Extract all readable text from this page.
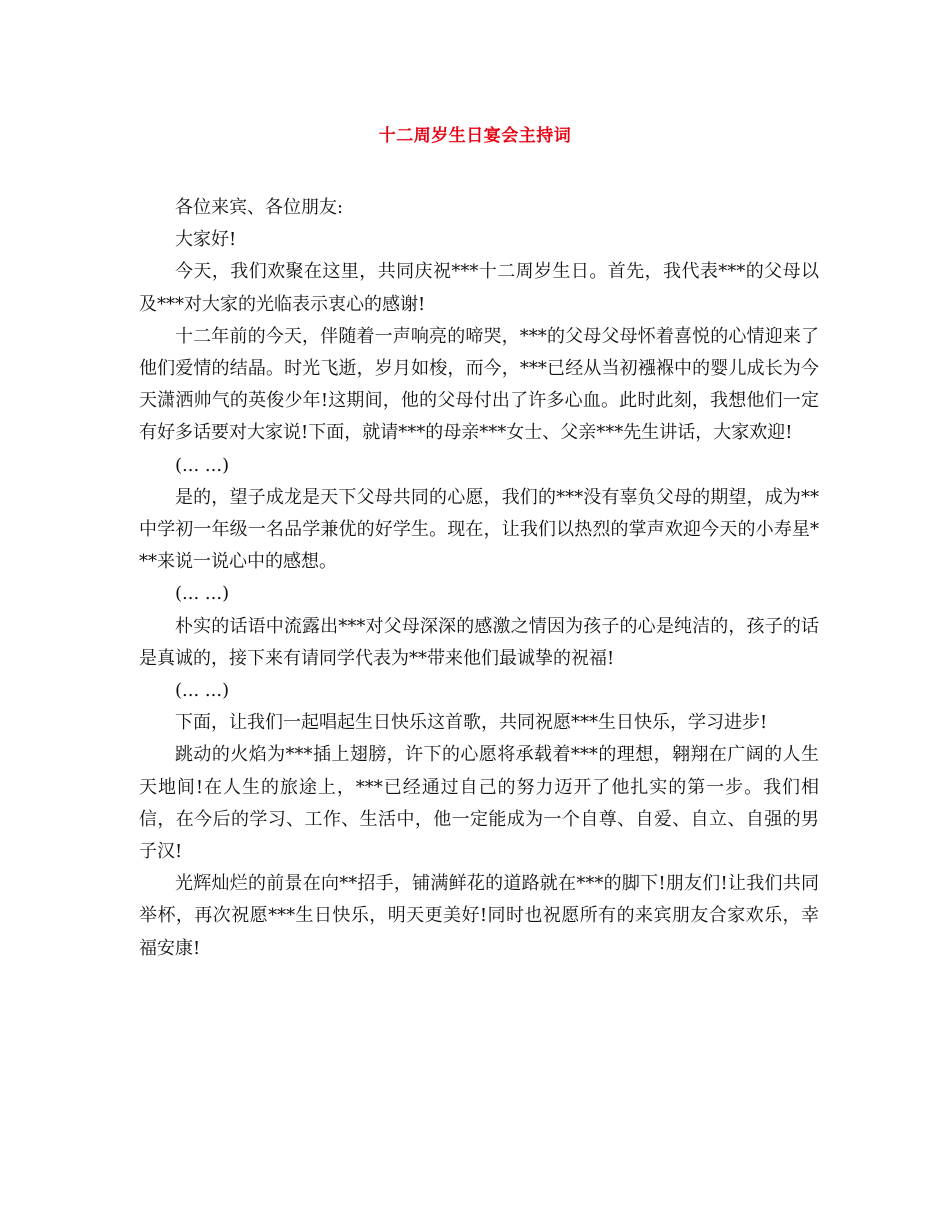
十二周岁生日宴会主持词

各位来宾、各位朋友:

大家好!

今天，我们欢聚在这里，共同庆祝***十二周岁生日。首先，我代表***的父母以及***对大家的光临表示衷心的感谢!

十二年前的今天，伴随着一声响亮的啼哭，***的父母父母怀着喜悦的心情迎来了他们爱情的结晶。时光飞逝，岁月如梭，而今，***已经从当初襁褓中的婴儿成长为今天潇洒帅气的英俊少年!这期间，他的父母付出了许多心血。此时此刻，我想他们一定有好多话要对大家说!下面，就请***的母亲***女士、父亲***先生讲话，大家欢迎!

(... ...)

是的，望子成龙是天下父母共同的心愿，我们的***没有辜负父母的期望，成为**中学初一年级一名品学兼优的好学生。现在，让我们以热烈的掌声欢迎今天的小寿星***来说一说心中的感想。

(... ...)

朴实的话语中流露出***对父母深深的感激之情因为孩子的心是纯洁的，孩子的话是真诚的，接下来有请同学代表为**带来他们最诚挚的祝福!

(... ...)

下面，让我们一起唱起生日快乐这首歌，共同祝愿***生日快乐，学习进步!

跳动的火焰为***插上翅膀，许下的心愿将承载着***的理想，翱翔在广阔的人生天地间!在人生的旅途上，***已经通过自己的努力迈开了他扎实的第一步。我们相信，在今后的学习、工作、生活中，他一定能成为一个自尊、自爱、自立、自强的男子汉!

光辉灿烂的前景在向**招手，铺满鲜花的道路就在***的脚下!朋友们!让我们共同举杯，再次祝愿***生日快乐，明天更美好!同时也祝愿所有的来宾朋友合家欢乐，幸福安康!
